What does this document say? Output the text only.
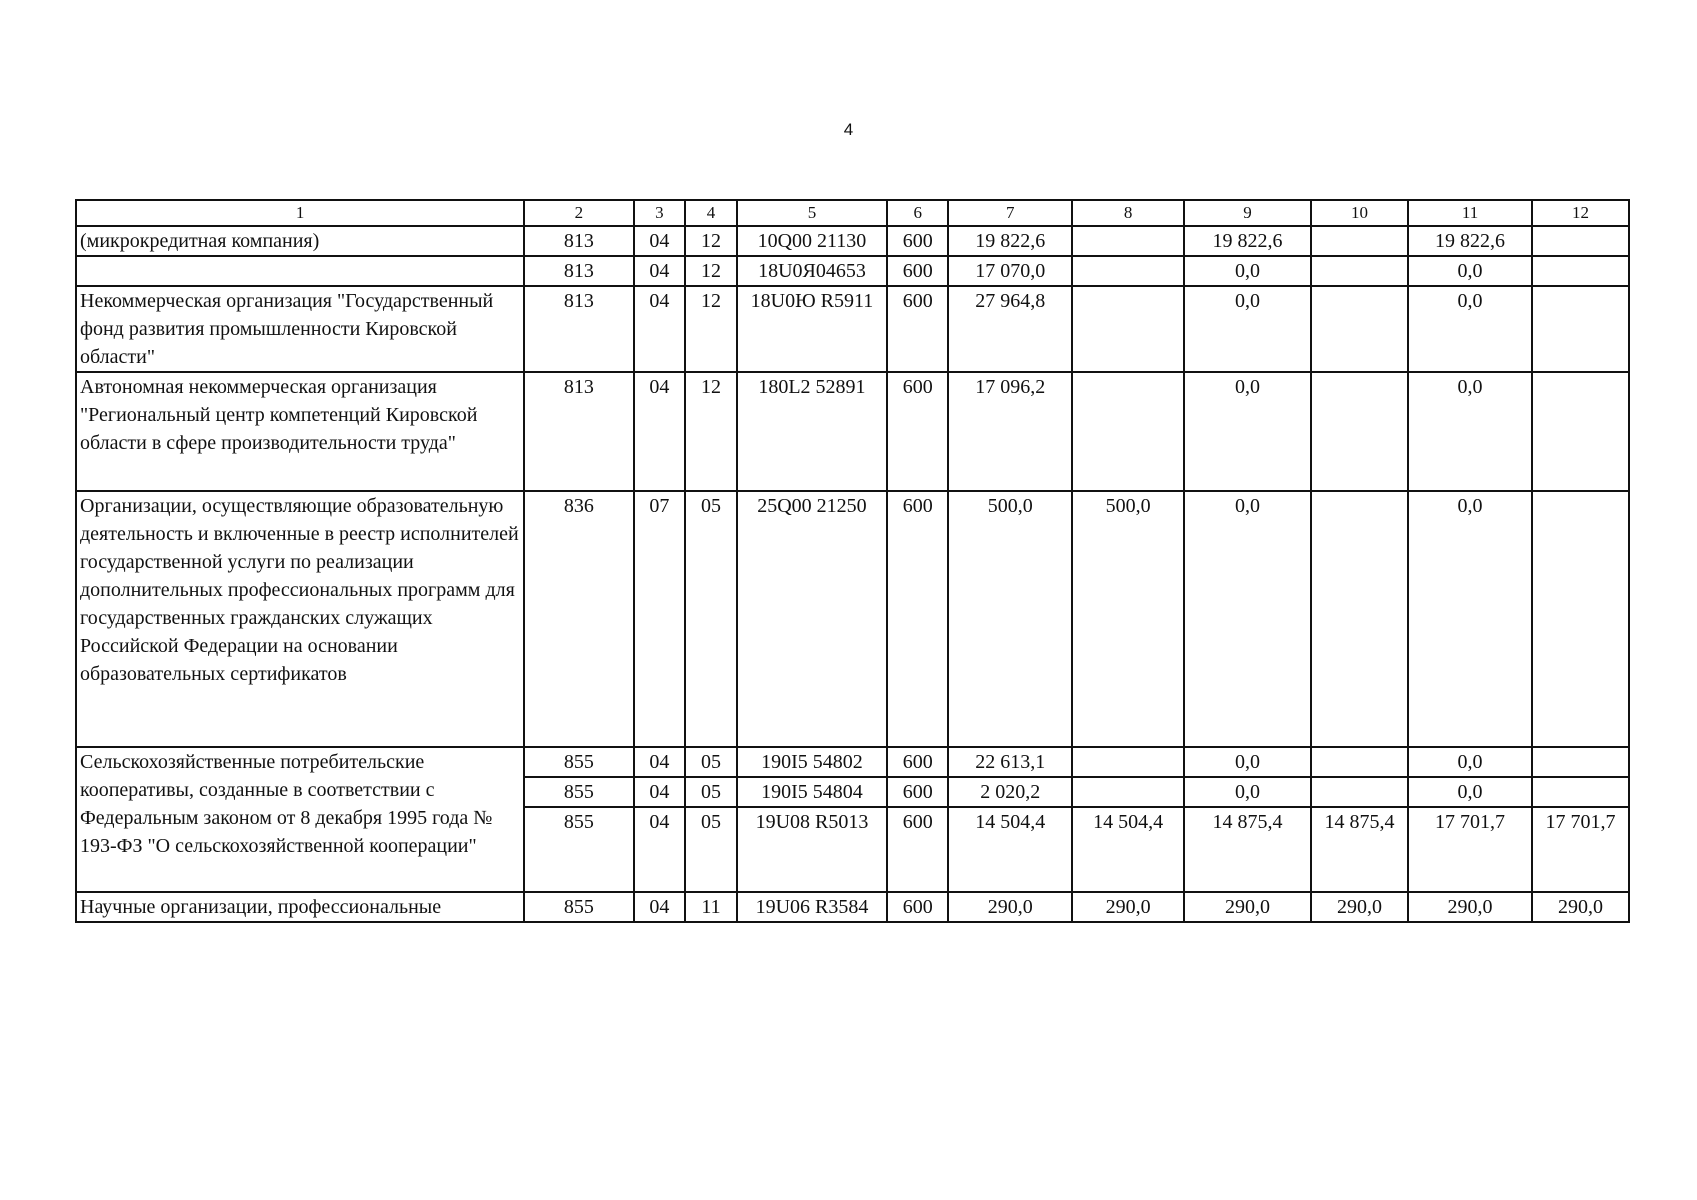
4
1	2	3	4	5	6	7	8	9	10	11	12
(микрокредитная компания)	813	04	12	10Q00 21130	600	19 822,6		19 822,6		19 822,6	
	813	04	12	18U0Я04653	600	17 070,0		0,0		0,0	
Некоммерческая организация "Государственный фонд развития промышленности Кировской области"	813	04	12	18U0Ю R5911	600	27 964,8		0,0		0,0	
Автономная некоммерческая организация "Региональный центр компетенций Кировской области в сфере производительности труда"	813	04	12	180L2 52891	600	17 096,2		0,0		0,0	
Организации, осуществляющие образовательную деятельность и включенные в реестр исполнителей государственной услуги по реализации дополнительных профессиональных программ для государственных гражданских служащих Российской Федерации на основании образовательных сертификатов	836	07	05	25Q00 21250	600	500,0	500,0	0,0		0,0	
Сельскохозяйственные потребительские кооперативы, созданные в соответствии с Федеральным законом от 8 декабря 1995 года № 193-ФЗ "О сельскохозяйственной кооперации"	855	04	05	190I5 54802	600	22 613,1		0,0		0,0	
	855	04	05	190I5 54804	600	2 020,2		0,0		0,0	
	855	04	05	19U08 R5013	600	14 504,4	14 504,4	14 875,4	14 875,4	17 701,7	17 701,7
Научные организации, профессиональные	855	04	11	19U06 R3584	600	290,0	290,0	290,0	290,0	290,0	290,0
